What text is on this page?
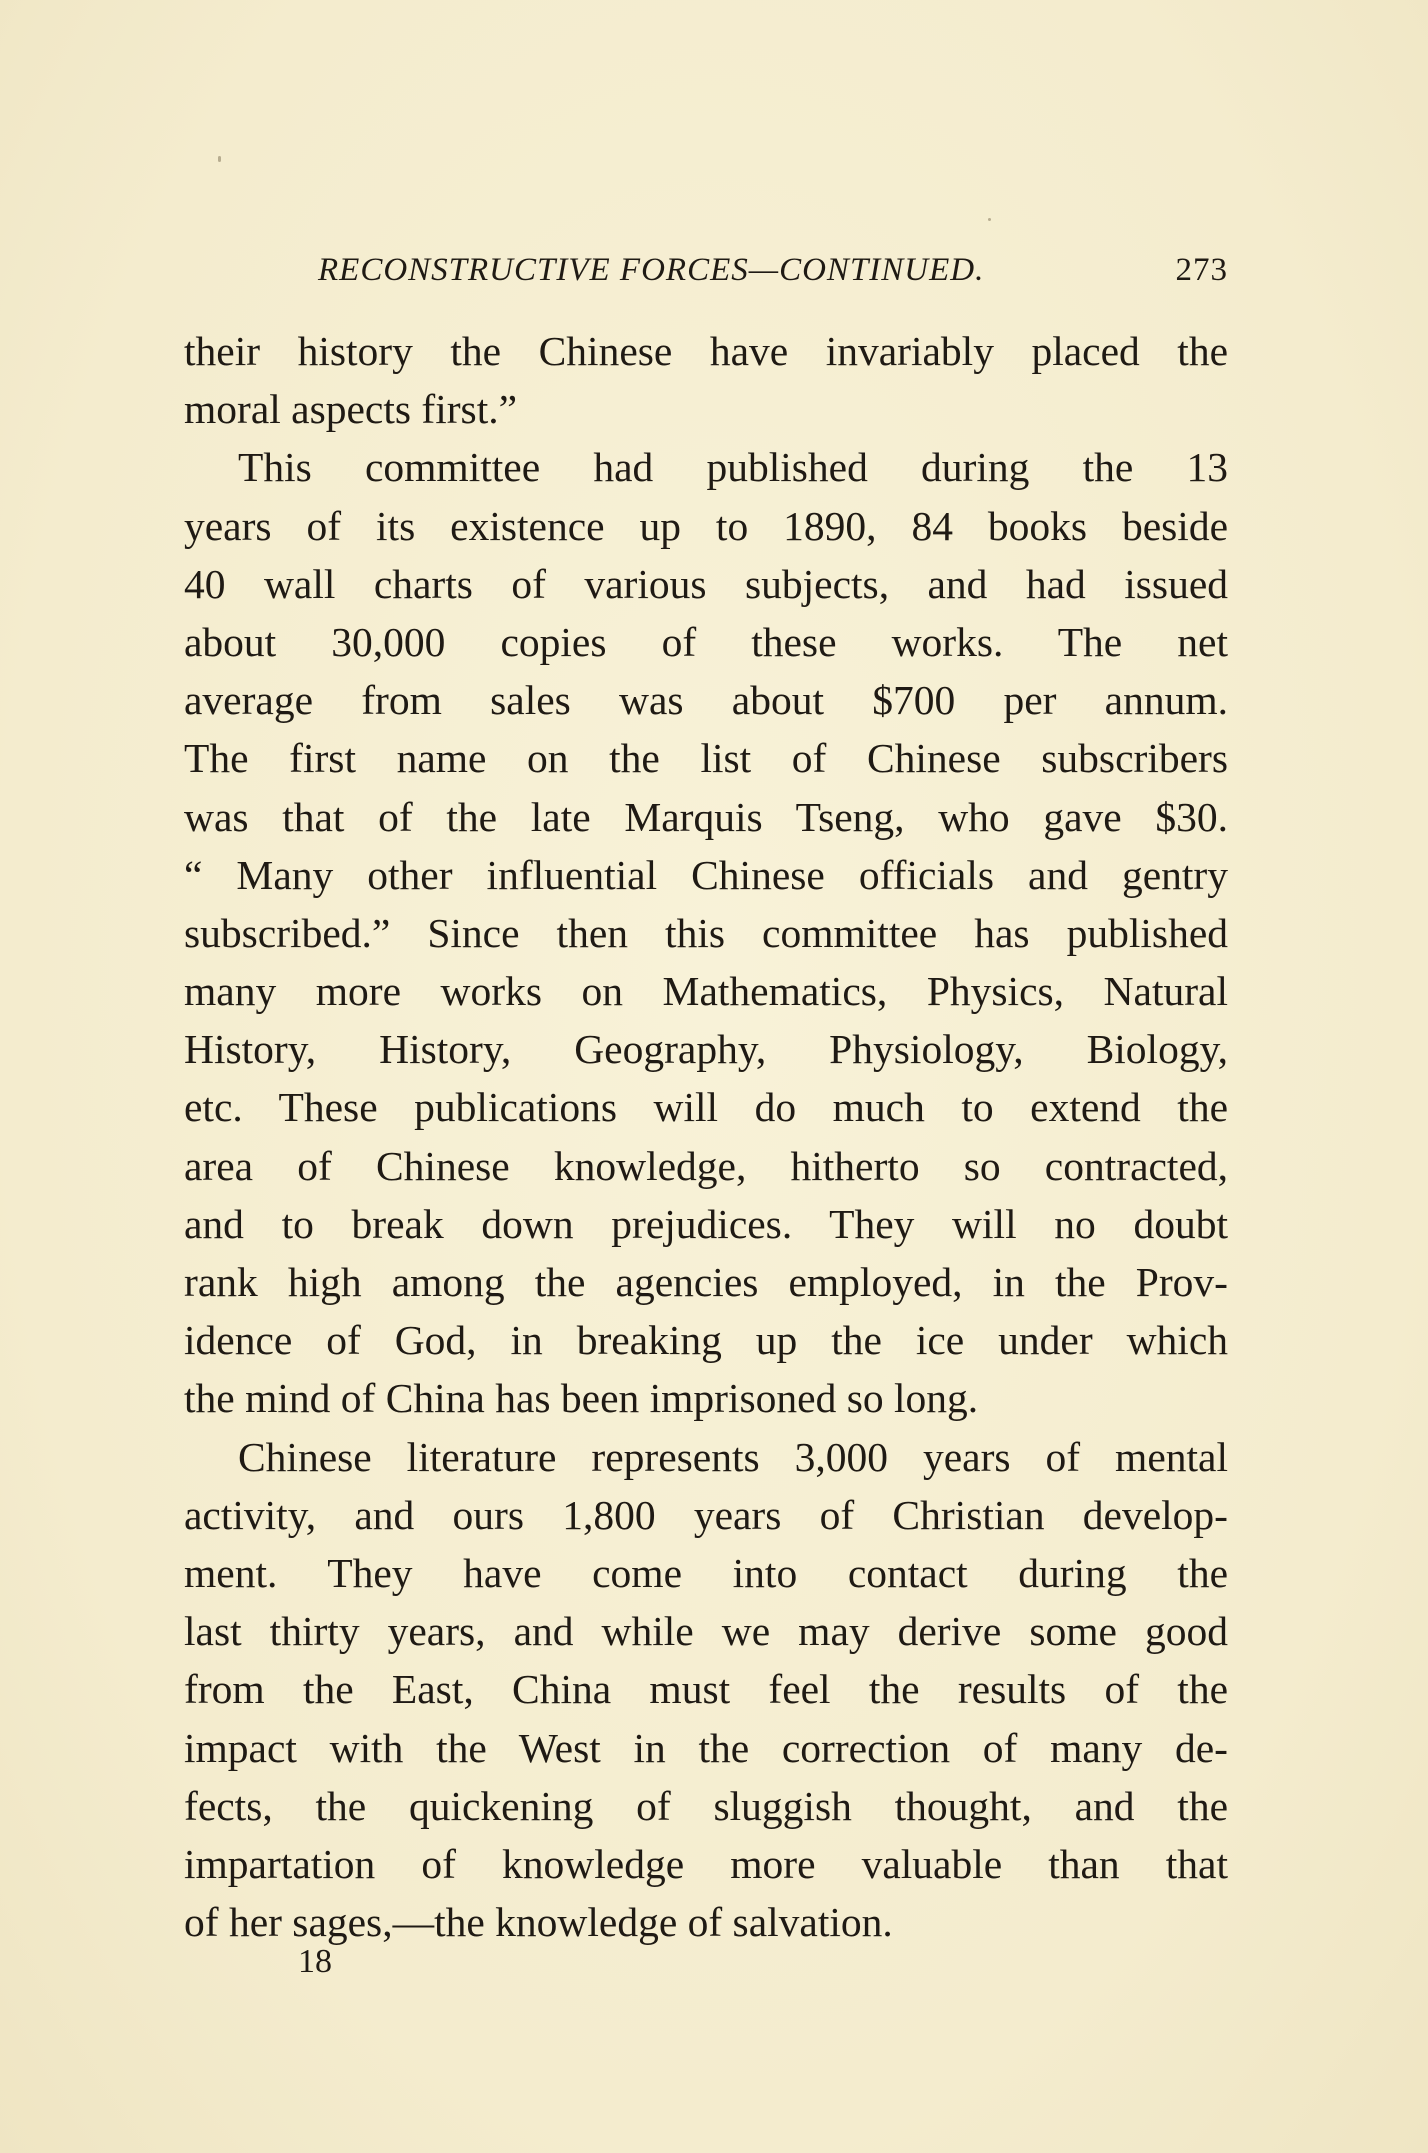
RECONSTRUCTIVE FORCES—CONTINUED.	273
their history the Chinese have invariably placed the
moral aspects first.”
This committee had published during the 13
years of its existence up to 1890, 84 books beside
40 wall charts of various subjects, and had issued
about 30,000 copies of these works. The net
average from sales was about $700 per annum.
The first name on the list of Chinese subscribers
was that of the late Marquis Tseng, who gave $30.
“ Many other influential Chinese officials and gentry
subscribed.” Since then this committee has published
many more works on Mathematics, Physics, Natural
History, History, Geography, Physiology, Biology,
etc. These publications will do much to extend the
area of Chinese knowledge, hitherto so contracted,
and to break down prejudices. They will no doubt
rank high among the agencies employed, in the Prov-
idence of God, in breaking up the ice under which
the mind of China has been imprisoned so long.
Chinese literature represents 3,000 years of mental
activity, and ours 1,800 years of Christian develop-
ment. They have come into contact during the
last thirty years, and while we may derive some good
from the East, China must feel the results of the
impact with the West in the correction of many de-
fects, the quickening of sluggish thought, and the
impartation of knowledge more valuable than that
of her sages,—the knowledge of salvation.
18
